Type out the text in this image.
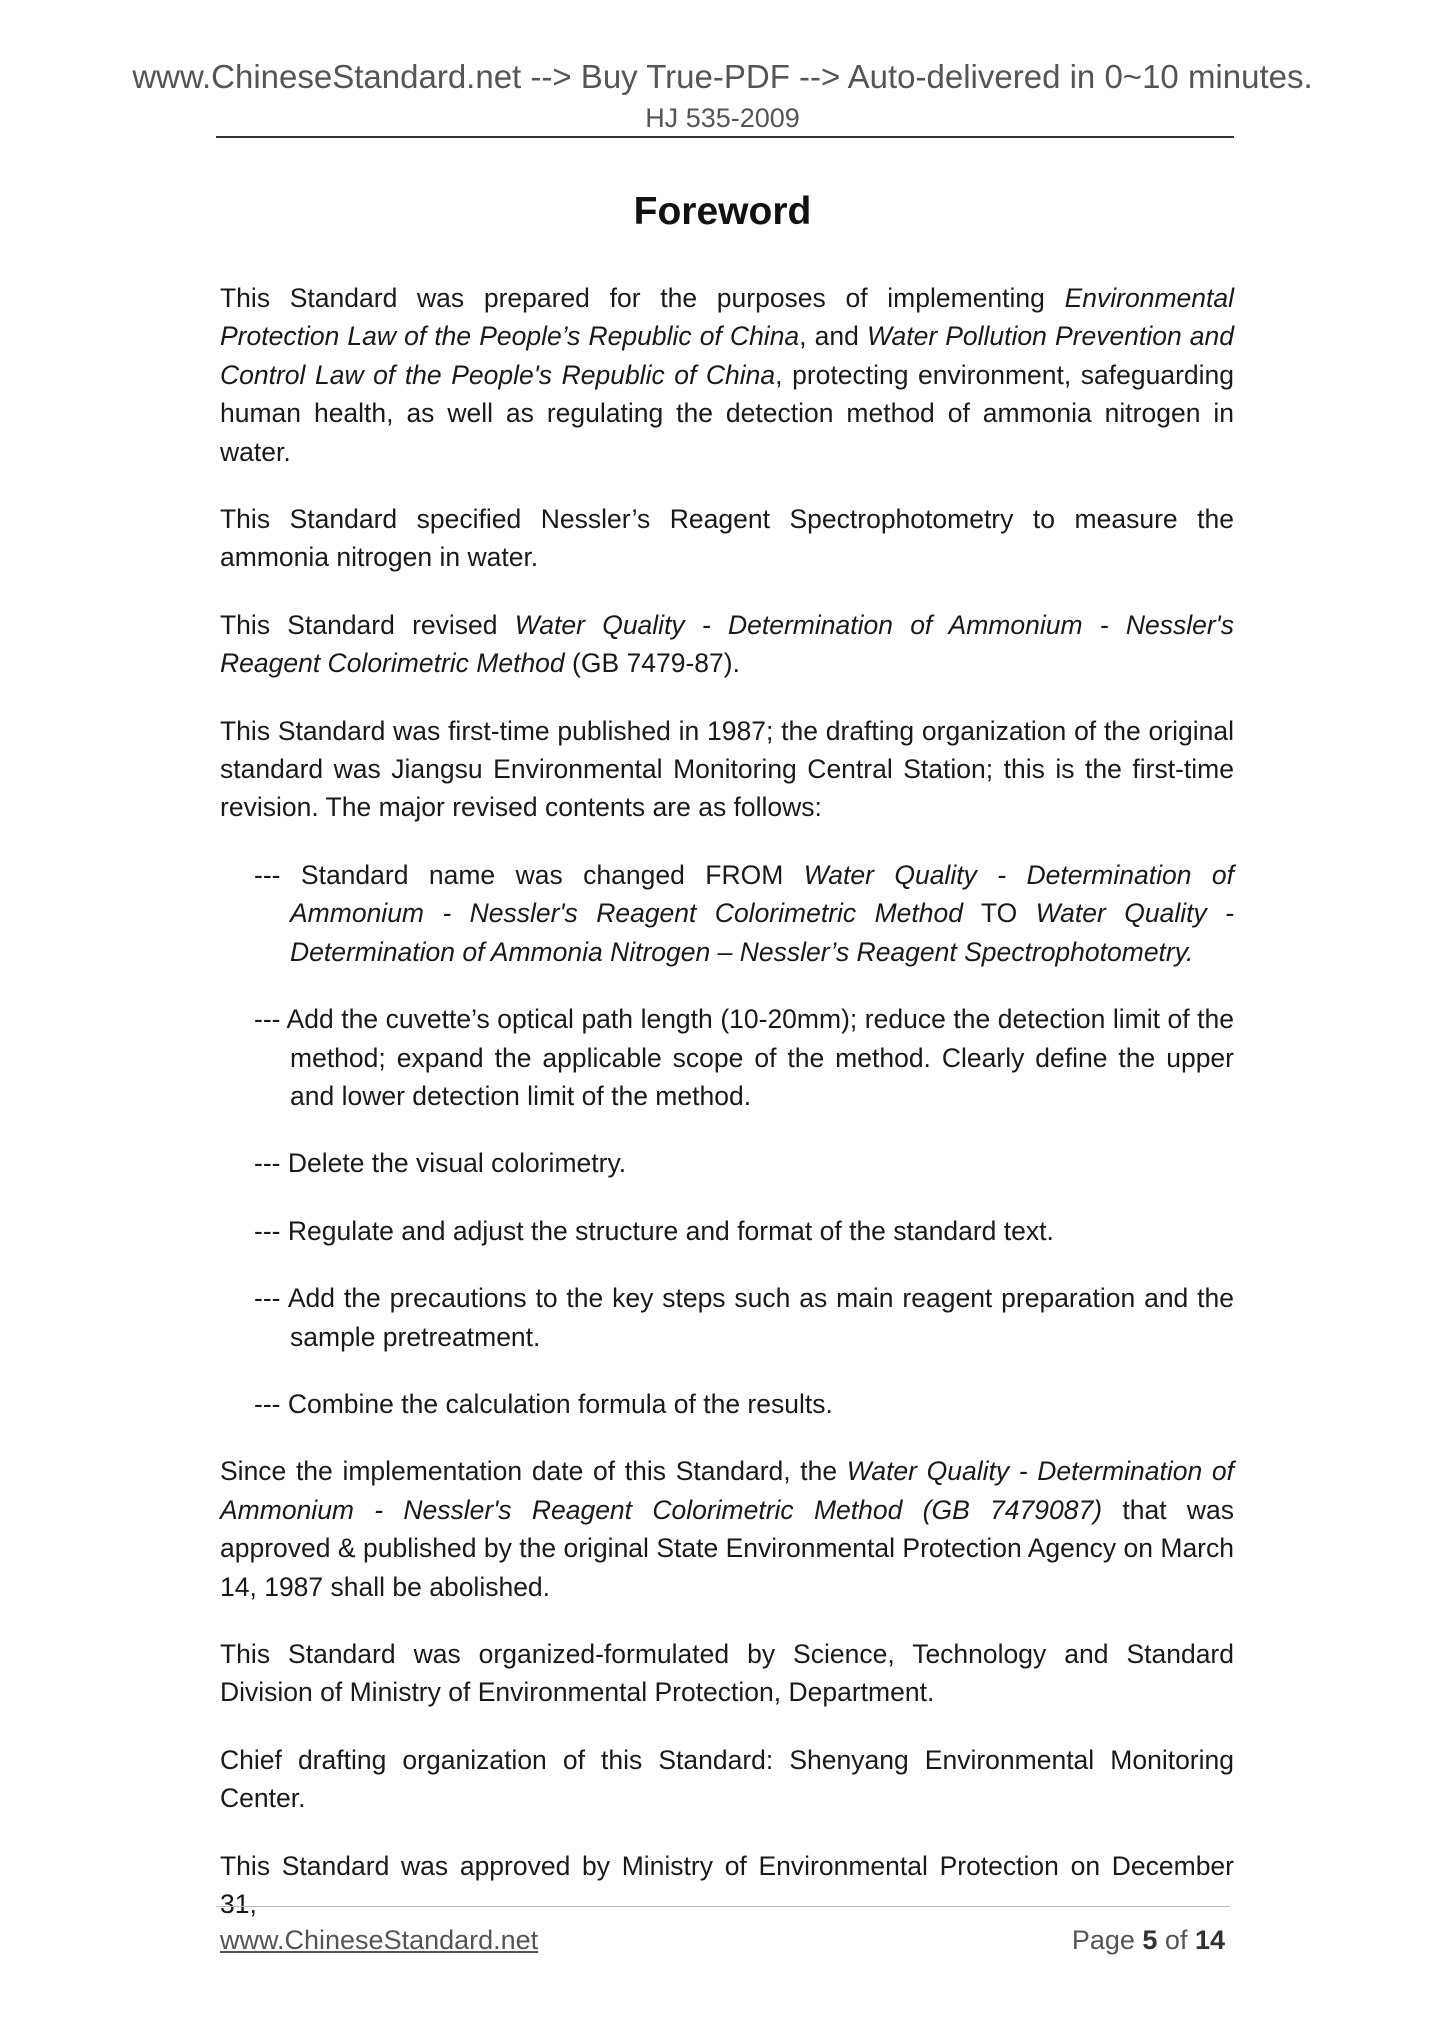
www.ChineseStandard.net --> Buy True-PDF --> Auto-delivered in 0~10 minutes.
HJ 535-2009
Foreword

This Standard was prepared for the purposes of implementing Environmental Protection Law of the People’s Republic of China, and Water Pollution Prevention and Control Law of the People's Republic of China, protecting environment, safeguarding human health, as well as regulating the detection method of ammonia nitrogen in water.

This Standard specified Nessler’s Reagent Spectrophotometry to measure the ammonia nitrogen in water.

This Standard revised Water Quality - Determination of Ammonium - Nessler's Reagent Colorimetric Method (GB 7479-87).

This Standard was first-time published in 1987; the drafting organization of the original standard was Jiangsu Environmental Monitoring Central Station; this is the first-time revision. The major revised contents are as follows:

--- Standard name was changed FROM Water Quality - Determination of Ammonium - Nessler's Reagent Colorimetric Method TO Water Quality - Determination of Ammonia Nitrogen – Nessler’s Reagent Spectrophotometry.

--- Add the cuvette’s optical path length (10-20mm); reduce the detection limit of the method; expand the applicable scope of the method. Clearly define the upper and lower detection limit of the method.

--- Delete the visual colorimetry.

--- Regulate and adjust the structure and format of the standard text.

--- Add the precautions to the key steps such as main reagent preparation and the sample pretreatment.

--- Combine the calculation formula of the results.

Since the implementation date of this Standard, the Water Quality - Determination of Ammonium - Nessler's Reagent Colorimetric Method (GB 7479087) that was approved & published by the original State Environmental Protection Agency on March 14, 1987 shall be abolished.

This Standard was organized-formulated by Science, Technology and Standard Division of Ministry of Environmental Protection, Department.

Chief drafting organization of this Standard: Shenyang Environmental Monitoring Center.

This Standard was approved by Ministry of Environmental Protection on December 31,

www.ChineseStandard.net	Page 5 of 14
